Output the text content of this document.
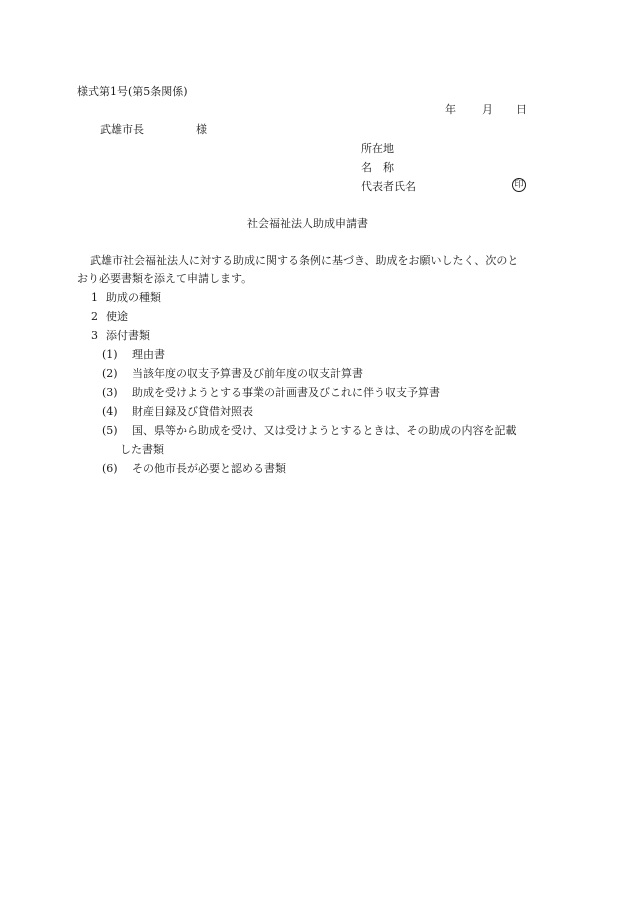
様式第1号(第5条関係)
年 月 日
武雄市長	様
所在地
名　称
代表者氏名	印
社会福祉法人助成申請書
武雄市社会福祉法人に対する助成に関する条例に基づき、助成をお願いしたく、次のと
おり必要書類を添えて申請します。
1 助成の種類
2 使途
3 添付書類
(1) 理由書
(2) 当該年度の収支予算書及び前年度の収支計算書
(3) 助成を受けようとする事業の計画書及びこれに伴う収支予算書
(4) 財産目録及び貸借対照表
(5) 国、県等から助成を受け、又は受けようとするときは、その助成の内容を記載
した書類
(6) その他市長が必要と認める書類
